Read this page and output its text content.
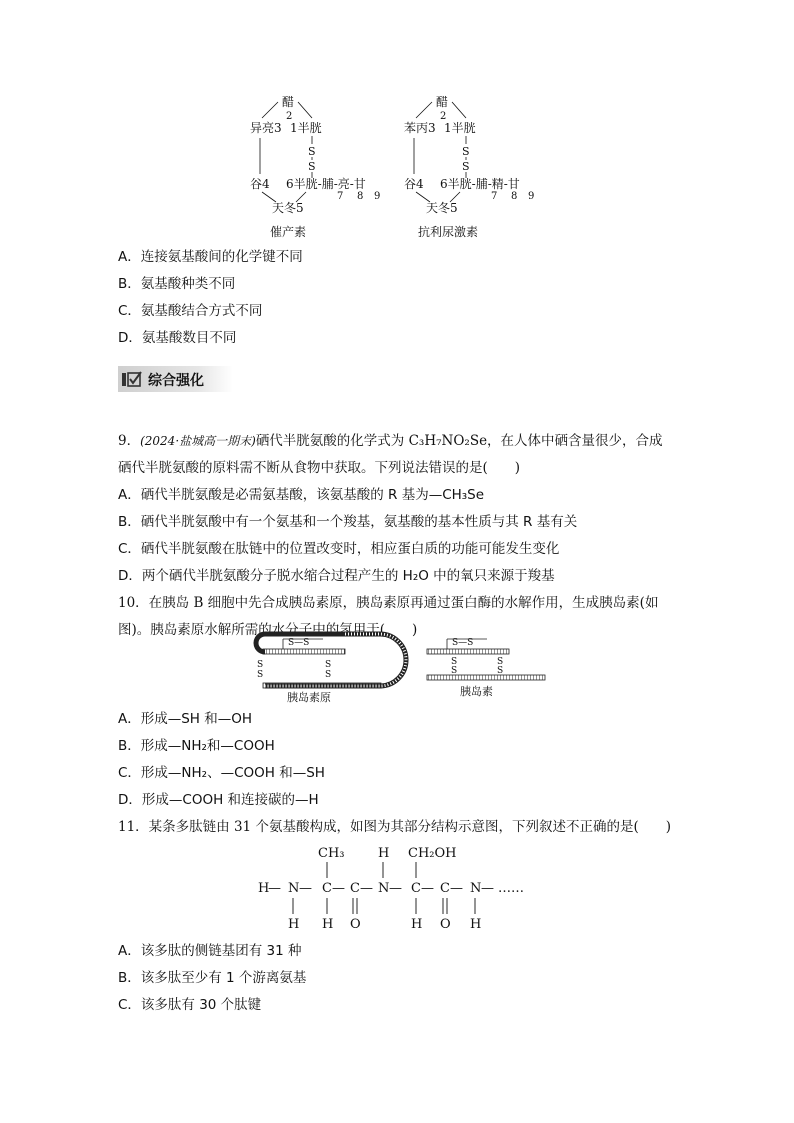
醋
2
异亮3 1半胱
S
S
谷4 6半胱-脯-亮-甘
7 8 9
天冬5
催产素
醋
2
苯丙3 1半胱
S
S
谷4 6半胱-脯-精-甘
7 8 9
天冬5
抗利尿激素
A．连接氨基酸间的化学键不同
B．氨基酸种类不同
C．氨基酸结合方式不同
D．氨基酸数目不同
综合强化
9．(2024·盐城高一期末)硒代半胱氨酸的化学式为 C₃H₇NO₂Se，在人体中硒含量很少，合成
硒代半胱氨酸的原料需不断从食物中获取。下列说法错误的是(　　)
A．硒代半胱氨酸是必需氨基酸，该氨基酸的 R 基为—CH₃Se
B．硒代半胱氨酸中有一个氨基和一个羧基，氨基酸的基本性质与其 R 基有关
C．硒代半胱氨酸在肽链中的位置改变时，相应蛋白质的功能可能发生变化
D．两个硒代半胱氨酸分子脱水缩合过程产生的 H₂O 中的氧只来源于羧基
10．在胰岛 B 细胞中先合成胰岛素原，胰岛素原再通过蛋白酶的水解作用，生成胰岛素(如
图)。胰岛素原水解所需的水分子中的氢用于(　　)
S—S
S
S
S
S
胰岛素原
S—S
S
S
S
S
胰岛素
A．形成—SH 和—OH
B．形成—NH₂和—COOH
C．形成—NH₂、—COOH 和—SH
D．形成—COOH 和连接碳的—H
11．某条多肽链由 31 个氨基酸构成，如图为其部分结构示意图，下列叙述不正确的是(　　)
CH₃	H CH₂OH
H
— N — C — C — N — C — C — N — ……
H H O	H O H
A．该多肽的侧链基团有 31 种
B．该多肽至少有 1 个游离氨基
C．该多肽有 30 个肽键
